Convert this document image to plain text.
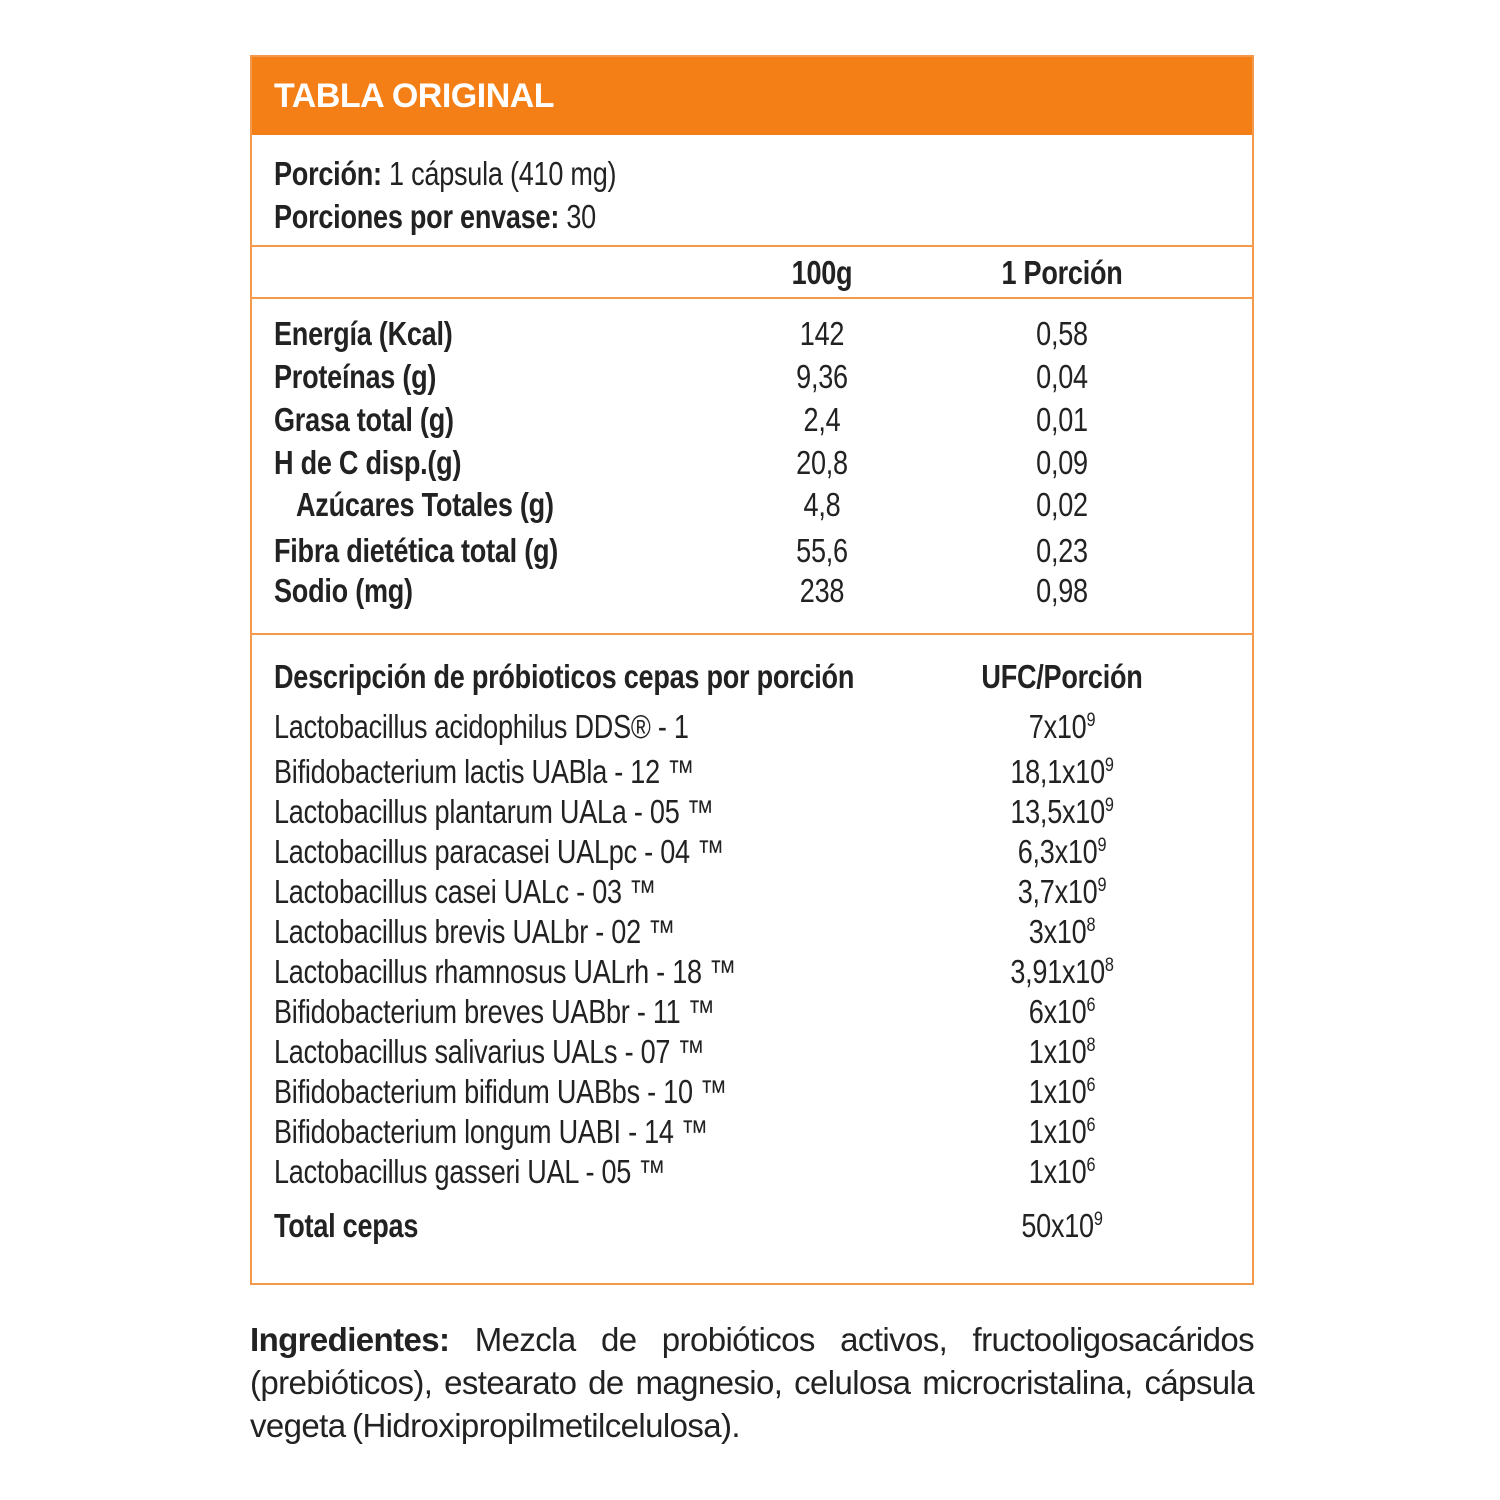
TABLA ORIGINAL
Porción: 1 cápsula (410 mg)
Porciones por envase: 30
100g	1 Porción
Energía (Kcal)	142	0,58
Proteínas (g)	9,36	0,04
Grasa total (g)	2,4	0,01
H de C disp.(g)	20,8	0,09
Azúcares Totales (g)	4,8	0,02
Fibra dietética total (g)	55,6	0,23
Sodio (mg)	238	0,98
Descripción de próbioticos cepas por porción	UFC/Porción
Lactobacillus acidophilus DDS® - 1	$7x10^9$
Bifidobacterium lactis UABla - 12 ™	$18,1x10^9$
Lactobacillus plantarum UALa - 05 ™	$13,5x10^9$
Lactobacillus paracasei UALpc - 04 ™	$6,3x10^9$
Lactobacillus casei UALc - 03 ™	$3,7x10^9$
Lactobacillus brevis UALbr - 02 ™	$3x10^8$
Lactobacillus rhamnosus UALrh - 18 ™	$3,91x10^8$
Bifidobacterium breves UABbr - 11 ™	$6x10^6$
Lactobacillus salivarius UALs - 07 ™	$1x10^8$
Bifidobacterium bifidum UABbs - 10 ™	$1x10^6$
Bifidobacterium longum UABI - 14 ™	$1x10^6$
Lactobacillus gasseri UAL - 05 ™	$1x10^6$
Total cepas	$50x10^9$
Ingredientes: Mezcla de probióticos activos, fructooligosacáridos (prebióticos), estearato de magnesio, celulosa microcristalina, cápsula vegeta (Hidroxipropilmetilcelulosa).
